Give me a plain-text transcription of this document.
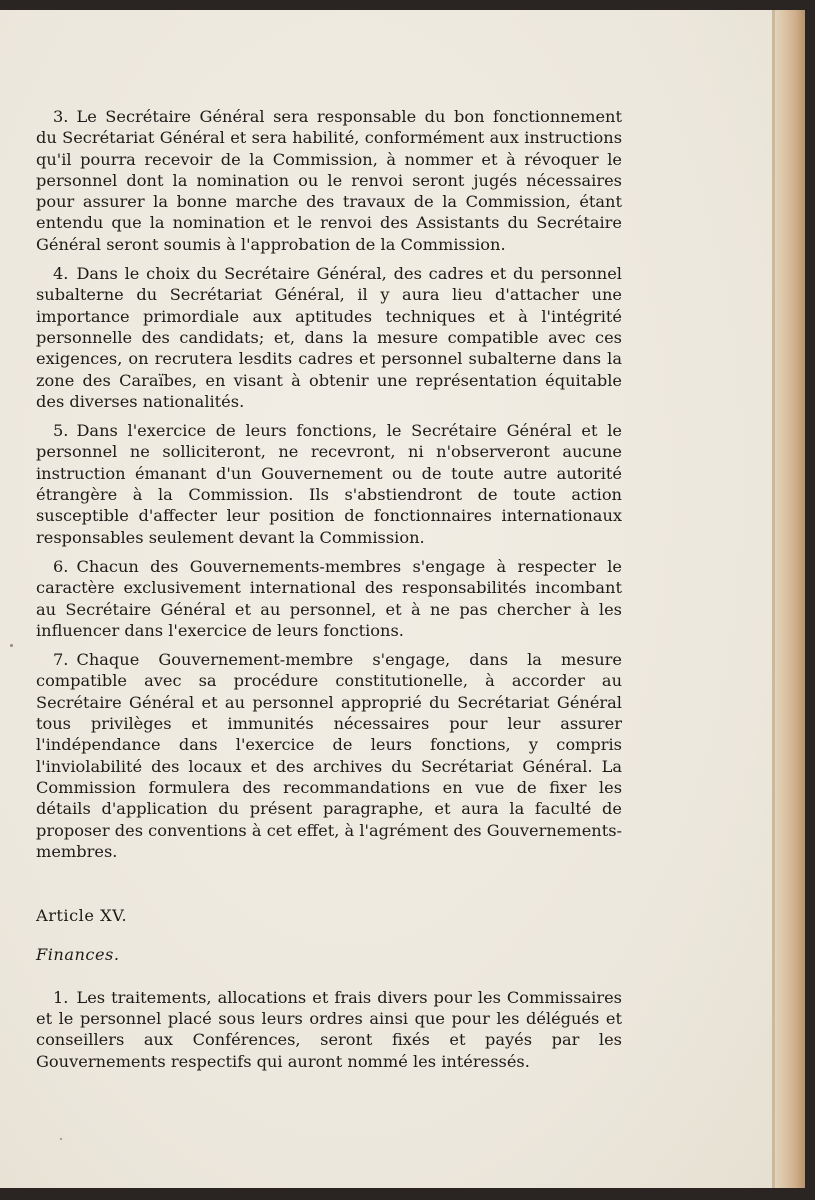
3. Le Secrétaire Général sera responsable du bon fonctionnement du Secrétariat Général et sera habilité, conformément aux instructions qu'il pourra recevoir de la Commission, à nommer et à révoquer le personnel dont la nomination ou le renvoi seront jugés nécessaires pour assurer la bonne marche des travaux de la Commission, étant entendu que la nomination et le renvoi des Assistants du Secrétaire Général seront soumis à l'approbation de la Commission.

4. Dans le choix du Secrétaire Général, des cadres et du personnel subalterne du Secrétariat Général, il y aura lieu d'attacher une importance primordiale aux aptitudes techniques et à l'intégrité personnelle des candidats; et, dans la mesure compatible avec ces exigences, on recrutera lesdits cadres et personnel subalterne dans la zone des Caraïbes, en visant à obtenir une représentation équitable des diverses nationalités.

5. Dans l'exercice de leurs fonctions, le Secrétaire Général et le personnel ne solliciteront, ne recevront, ni n'observeront aucune instruction émanant d'un Gouvernement ou de toute autre autorité étrangère à la Commission. Ils s'abstiendront de toute action susceptible d'affecter leur position de fonctionnaires internationaux responsables seulement devant la Commission.

6. Chacun des Gouvernements-membres s'engage à respecter le caractère exclusivement international des responsabilités incombant au Secrétaire Général et au personnel, et à ne pas chercher à les influencer dans l'exercice de leurs fonctions.

7. Chaque Gouvernement-membre s'engage, dans la mesure compatible avec sa procédure constitutionelle, à accorder au Secrétaire Général et au personnel approprié du Secrétariat Général tous privilèges et immunités nécessaires pour leur assurer l'indépendance dans l'exercice de leurs fonctions, y compris l'inviolabilité des locaux et des archives du Secrétariat Général. La Commission formulera des recommandations en vue de fixer les détails d'application du présent paragraphe, et aura la faculté de proposer des conventions à cet effet, à l'agrément des Gouvernements-membres.

Article XV.

Finances.

1. Les traitements, allocations et frais divers pour les Commissaires et le personnel placé sous leurs ordres ainsi que pour les délégués et conseillers aux Conférences, seront fixés et payés par les Gouvernements respectifs qui auront nommé les intéressés.
